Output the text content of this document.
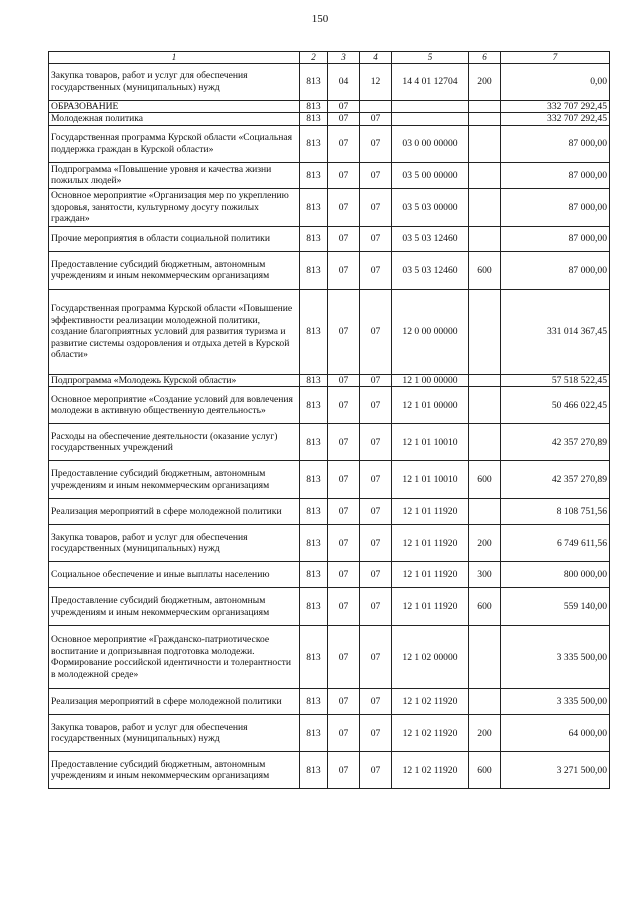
150
1	2	3	4	5	6	7
Закупка товаров, работ и услуг для обеспечения государственных (муниципальных) нужд	813	04	12	14 4 01 12704	200	0,00
ОБРАЗОВАНИЕ	813	07				332 707 292,45
Молодежная политика	813	07	07			332 707 292,45
Государственная программа Курской области «Социальная поддержка граждан в Курской области»	813	07	07	03 0 00 00000		87 000,00
Подпрограмма «Повышение уровня и качества жизни пожилых людей»	813	07	07	03 5 00 00000		87 000,00
Основное мероприятие «Организация мер по укреплению здоровья, занятости, культурному досугу пожилых граждан»	813	07	07	03 5 03 00000		87 000,00
Прочие мероприятия в области социальной политики	813	07	07	03 5 03 12460		87 000,00
Предоставление субсидий бюджетным, автономным учреждениям и иным некоммерческим организациям	813	07	07	03 5 03 12460	600	87 000,00
Государственная программа Курской области «Повышение эффективности реализации молодежной политики, создание благоприятных условий для развития туризма и развитие системы оздоровления и отдыха детей в Курской области»	813	07	07	12 0 00 00000		331 014 367,45
Подпрограмма «Молодежь Курской области»	813	07	07	12 1 00 00000		57 518 522,45
Основное мероприятие «Создание условий для вовлечения молодежи в активную общественную деятельность»	813	07	07	12 1 01 00000		50 466 022,45
Расходы на обеспечение деятельности (оказание услуг) государственных учреждений	813	07	07	12 1 01 10010		42 357 270,89
Предоставление субсидий бюджетным, автономным учреждениям и иным некоммерческим организациям	813	07	07	12 1 01 10010	600	42 357 270,89
Реализация мероприятий в сфере молодежной политики	813	07	07	12 1 01 11920		8 108 751,56
Закупка товаров, работ и услуг для обеспечения государственных (муниципальных) нужд	813	07	07	12 1 01 11920	200	6 749 611,56
Социальное обеспечение и иные выплаты населению	813	07	07	12 1 01 11920	300	800 000,00
Предоставление субсидий бюджетным, автономным учреждениям и иным некоммерческим организациям	813	07	07	12 1 01 11920	600	559 140,00
Основное мероприятие «Гражданско-патриотическое воспитание и допризывная подготовка молодежи. Формирование российской идентичности и толерантности в молодежной среде»	813	07	07	12 1 02 00000		3 335 500,00
Реализация мероприятий в сфере молодежной политики	813	07	07	12 1 02 11920		3 335 500,00
Закупка товаров, работ и услуг для обеспечения государственных (муниципальных) нужд	813	07	07	12 1 02 11920	200	64 000,00
Предоставление субсидий бюджетным, автономным учреждениям и иным некоммерческим организациям	813	07	07	12 1 02 11920	600	3 271 500,00
